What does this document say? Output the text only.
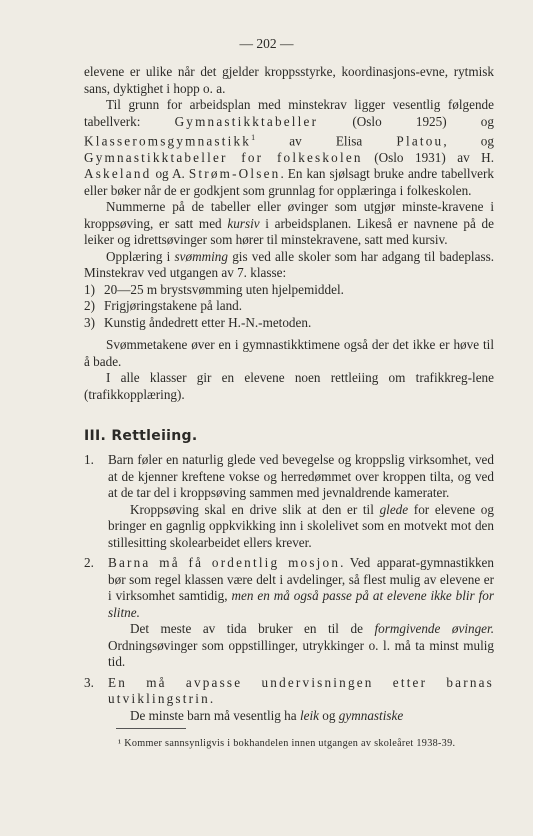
— 202 —

elevene er ulike når det gjelder kroppsstyrke, koordinasjons-evne, rytmisk sans, dyktighet i hopp o. a.

Til grunn for arbeidsplan med minstekrav ligger vesentlig følgende tabellverk: Gymnastikktabeller (Oslo 1925) og Klasseromsgymnastikk$^1$ av Elisa Platou, og Gymnastikktabeller for folkeskolen (Oslo 1931) av H. Askeland og A. Strøm-Olsen. En kan sjølsagt bruke andre tabellverk eller bøker når de er godkjent som grunnlag for opplæringa i folkeskolen.

Nummerne på de tabeller eller øvinger som utgjør minste-kravene i kroppsøving, er satt med kursiv i arbeidsplanen. Likeså er navnene på de leiker og idrettsøvinger som hører til minstekravene, satt med kursiv.

Opplæring i svømming gis ved alle skoler som har adgang til badeplass. Minstekrav ved utgangen av 7. klasse:

1) 20—25 m brystsvømming uten hjelpemiddel.
2) Frigjøringstakene på land.
3) Kunstig åndedrett etter H.-N.-metoden.

Svømmetakene øver en i gymnastikktimene også der det ikke er høve til å bade.

I alle klasser gir en elevene noen rettleiing om trafikkreg-lene (trafikkopplæring).

III. Rettleiing.
1.	Barn føler en naturlig glede ved bevegelse og kroppslig virksomhet, ved at de kjenner kreftene vokse og herredømmet over kroppen tilta, og ved at de tar del i kroppsøving sammen med jevnaldrende kamerater.

Kroppsøving skal en drive slik at den er til glede for elevene og bringer en gagnlig oppkvikking inn i skolelivet som en motvekt mot den stillesitting skolearbeidet ellers krever.

2.	Barna må få ordentlig mosjon. Ved apparat-gymnastikken bør som regel klassen være delt i avdelinger, så flest mulig av elevene er i virksomhet samtidig, men en må også passe på at elevene ikke blir for slitne.

Det meste av tida bruker en til de formgivende øvinger. Ordningsøvinger som oppstillinger, utrykkinger o. l. må ta minst mulig tid.

3.	En må avpasse undervisningen etter barnas utviklingstrin.

De minste barn må vesentlig ha leik og gymnastiske

¹ Kommer sannsynligvis i bokhandelen innen utgangen av skoleåret 1938-39.
